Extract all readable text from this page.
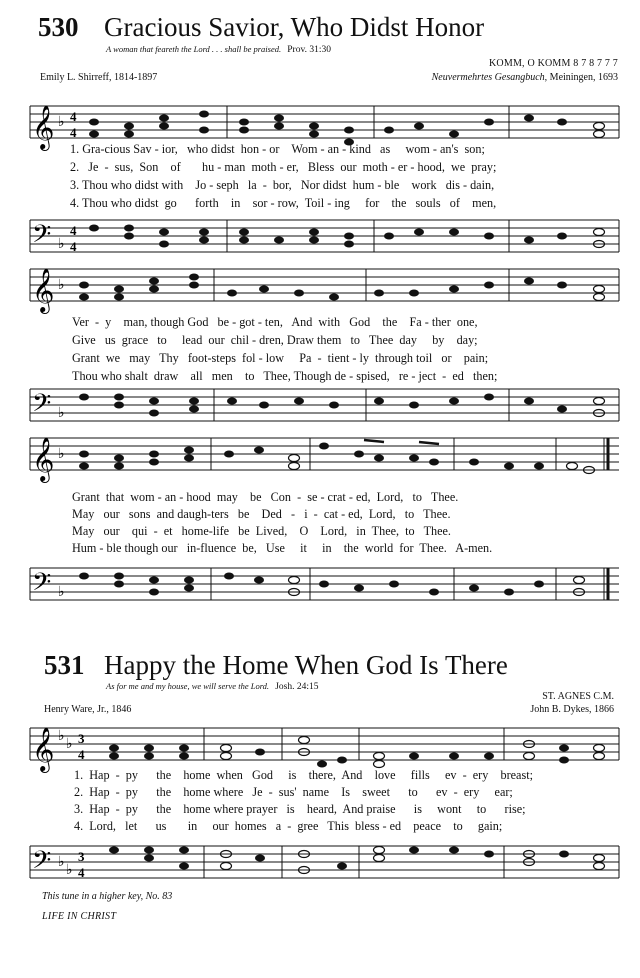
530 Gracious Savior, Who Didst Honor
A woman that feareth the Lord . . . shall be praised. Prov. 31:30
KOMM, O KOMM 8 7 8 7 7 7
Emily L. Shirreff, 1814-1897	Neuvermehrtes Gesangbuch, Meiningen, 1693
𝄞 ♭ 4
4
1. Gra-cious Sav - ior,   who didst  hon - or    Wom - an - kind   as     wom - an's  son;
2.   Je  -  sus,  Son    of       hu - man  moth - er,   Bless  our  moth - er - hood,  we  pray;
3. Thou who didst with    Jo - seph   la  -  bor,   Nor didst  hum - ble    work   dis - dain,
4. Thou who didst  go      forth    in    sor - row,  Toil - ing     for    the   souls   of    men,
𝄢 ♭
4
4
𝄞 ♭
Ver  -  y    man, though God   be - got - ten,   And  with   God    the    Fa - ther  one,
Give   us  grace   to     lead  our  chil - dren, Draw them   to   Thee  day     by    day;
Grant  we   may   Thy   foot-steps  fol - low     Pa  -  tient - ly  through toil   or    pain;
Thou who shalt  draw    all   men    to   Thee, Though de - spised,   re - ject  -  ed   then;
𝄢 ♭
𝄞 ♭
Grant  that  wom - an - hood  may    be   Con  -  se - crat - ed,  Lord,   to   Thee.
May   our   sons  and daugh-ters   be    Ded   -   i  -  cat - ed,  Lord,   to   Thee.
May   our    qui  -  et   home-life   be  Lived,    O    Lord,   in  Thee,  to   Thee.
Hum - ble though our   in-fluence  be,   Use     it     in    the  world  for  Thee.   A-men.
𝄢 ♭
531 Happy the Home When God Is There
As for me and my house, we will serve the Lord. Josh. 24:15
ST. AGNES C.M.
Henry Ware, Jr., 1846	John B. Dykes, 1866
𝄞 ♭
♭ 3
4
1.  Hap  -  py      the    home  when   God     is    there,  And    love     fills     ev  -  ery    breast;
2.  Hap  -  py      the    home where   Je  -  sus'  name    Is    sweet      to      ev  -  ery     ear;
3.  Hap  -  py      the    home where prayer   is    heard,  And praise      is     wont     to      rise;
4.  Lord,   let      us       in     our  homes   a  -  gree   This  bless - ed    peace    to     gain;
𝄢 ♭
♭
3
4
This tune in a higher key, No. 83
LIFE IN CHRIST
